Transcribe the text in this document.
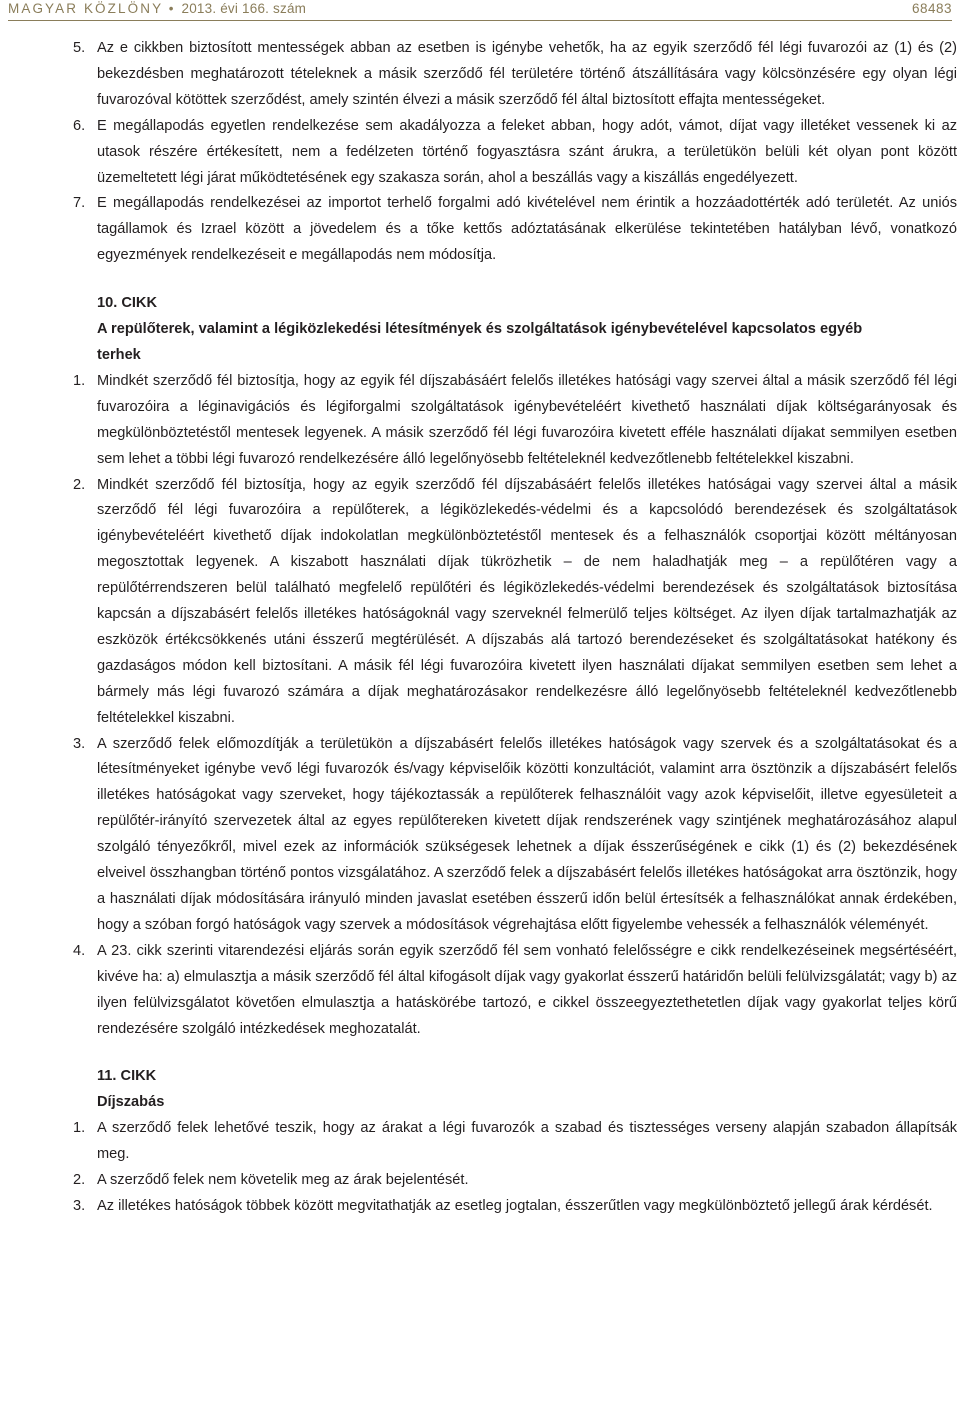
MAGYAR KÖZLÖNY • 2013. évi 166. szám	68483

5. Az e cikkben biztosított mentességek abban az esetben is igénybe vehetők, ha az egyik szerződő fél légi fuvarozói az (1) és (2) bekezdésben meghatározott tételeknek a másik szerződő fél területére történő átszállítására vagy kölcsönzésére egy olyan légi fuvarozóval kötöttek szerződést, amely szintén élvezi a másik szerződő fél által biztosított effajta mentességeket.

6. E megállapodás egyetlen rendelkezése sem akadályozza a feleket abban, hogy adót, vámot, díjat vagy illetéket vessenek ki az utasok részére értékesített, nem a fedélzeten történő fogyasztásra szánt árukra, a területükön belüli két olyan pont között üzemeltetett légi járat működtetésének egy szakasza során, ahol a beszállás vagy a kiszállás engedélyezett.

7. E megállapodás rendelkezései az importot terhelő forgalmi adó kivételével nem érintik a hozzáadottérték adó területét. Az uniós tagállamok és Izrael között a jövedelem és a tőke kettős adóztatásának elkerülése tekintetében hatályban lévő, vonatkozó egyezmények rendelkezéseit e megállapodás nem módosítja.

10. CIKK

A repülőterek, valamint a légiközlekedési létesítmények és szolgáltatások igénybevételével kapcsolatos egyéb terhek

1. Mindkét szerződő fél biztosítja, hogy az egyik fél díjszabásáért felelős illetékes hatósági vagy szervei által a másik szerződő fél légi fuvarozóira a léginavigációs és légiforgalmi szolgáltatások igénybevételéért kivethető használati díjak költségarányosak és megkülönböztetéstől mentesek legyenek. A másik szerződő fél légi fuvarozóira kivetett efféle használati díjakat semmilyen esetben sem lehet a többi légi fuvarozó rendelkezésére álló legelőnyösebb feltételeknél kedvezőtlenebb feltételekkel kiszabni.

2. Mindkét szerződő fél biztosítja, hogy az egyik szerződő fél díjszabásáért felelős illetékes hatóságai vagy szervei által a másik szerződő fél légi fuvarozóira a repülőterek, a légiközlekedés-védelmi és a kapcsolódó berendezések és szolgáltatások igénybevételéért kivethető díjak indokolatlan megkülönböztetéstől mentesek és a felhasználók csoportjai között méltányosan megosztottak legyenek. A kiszabott használati díjak tükrözhetik – de nem haladhatják meg – a repülőtéren vagy a repülőtérrendszeren belül található megfelelő repülőtéri és légiközlekedés-védelmi berendezések és szolgáltatások biztosítása kapcsán a díjszabásért felelős illetékes hatóságoknál vagy szerveknél felmerülő teljes költséget. Az ilyen díjak tartalmazhatják az eszközök értékcsökkenés utáni ésszerű megtérülését. A díjszabás alá tartozó berendezéseket és szolgáltatásokat hatékony és gazdaságos módon kell biztosítani. A másik fél légi fuvarozóira kivetett ilyen használati díjakat semmilyen esetben sem lehet a bármely más légi fuvarozó számára a díjak meghatározásakor rendelkezésre álló legelőnyösebb feltételeknél kedvezőtlenebb feltételekkel kiszabni.

3. A szerződő felek előmozdítják a területükön a díjszabásért felelős illetékes hatóságok vagy szervek és a szolgáltatásokat és a létesítményeket igénybe vevő légi fuvarozók és/vagy képviselőik közötti konzultációt, valamint arra ösztönzik a díjszabásért felelős illetékes hatóságokat vagy szerveket, hogy tájékoztassák a repülőterek felhasználóit vagy azok képviselőit, illetve egyesületeit a repülőtér-irányító szervezetek által az egyes repülőtereken kivetett díjak rendszerének vagy szintjének meghatározásához alapul szolgáló tényezőkről, mivel ezek az információk szükségesek lehetnek a díjak ésszerűségének e cikk (1) és (2) bekezdésének elveivel összhangban történő pontos vizsgálatához. A szerződő felek a díjszabásért felelős illetékes hatóságokat arra ösztönzik, hogy a használati díjak módosítására irányuló minden javaslat esetében ésszerű időn belül értesítsék a felhasználókat annak érdekében, hogy a szóban forgó hatóságok vagy szervek a módosítások végrehajtása előtt figyelembe vehessék a felhasználók véleményét.

4. A 23. cikk szerinti vitarendezési eljárás során egyik szerződő fél sem vonható felelősségre e cikk rendelkezéseinek megsértéséért, kivéve ha: a) elmulasztja a másik szerződő fél által kifogásolt díjak vagy gyakorlat ésszerű határidőn belüli felülvizsgálatát; vagy b) az ilyen felülvizsgálatot követően elmulasztja a hatáskörébe tartozó, e cikkel összeegyeztethetetlen díjak vagy gyakorlat teljes körű rendezésére szolgáló intézkedések meghozatalát.

11. CIKK

Díjszabás

1. A szerződő felek lehetővé teszik, hogy az árakat a légi fuvarozók a szabad és tisztességes verseny alapján szabadon állapítsák meg.

2. A szerződő felek nem követelik meg az árak bejelentését.

3. Az illetékes hatóságok többek között megvitathatják az esetleg jogtalan, ésszerűtlen vagy megkülönböztető jellegű árak kérdését.
